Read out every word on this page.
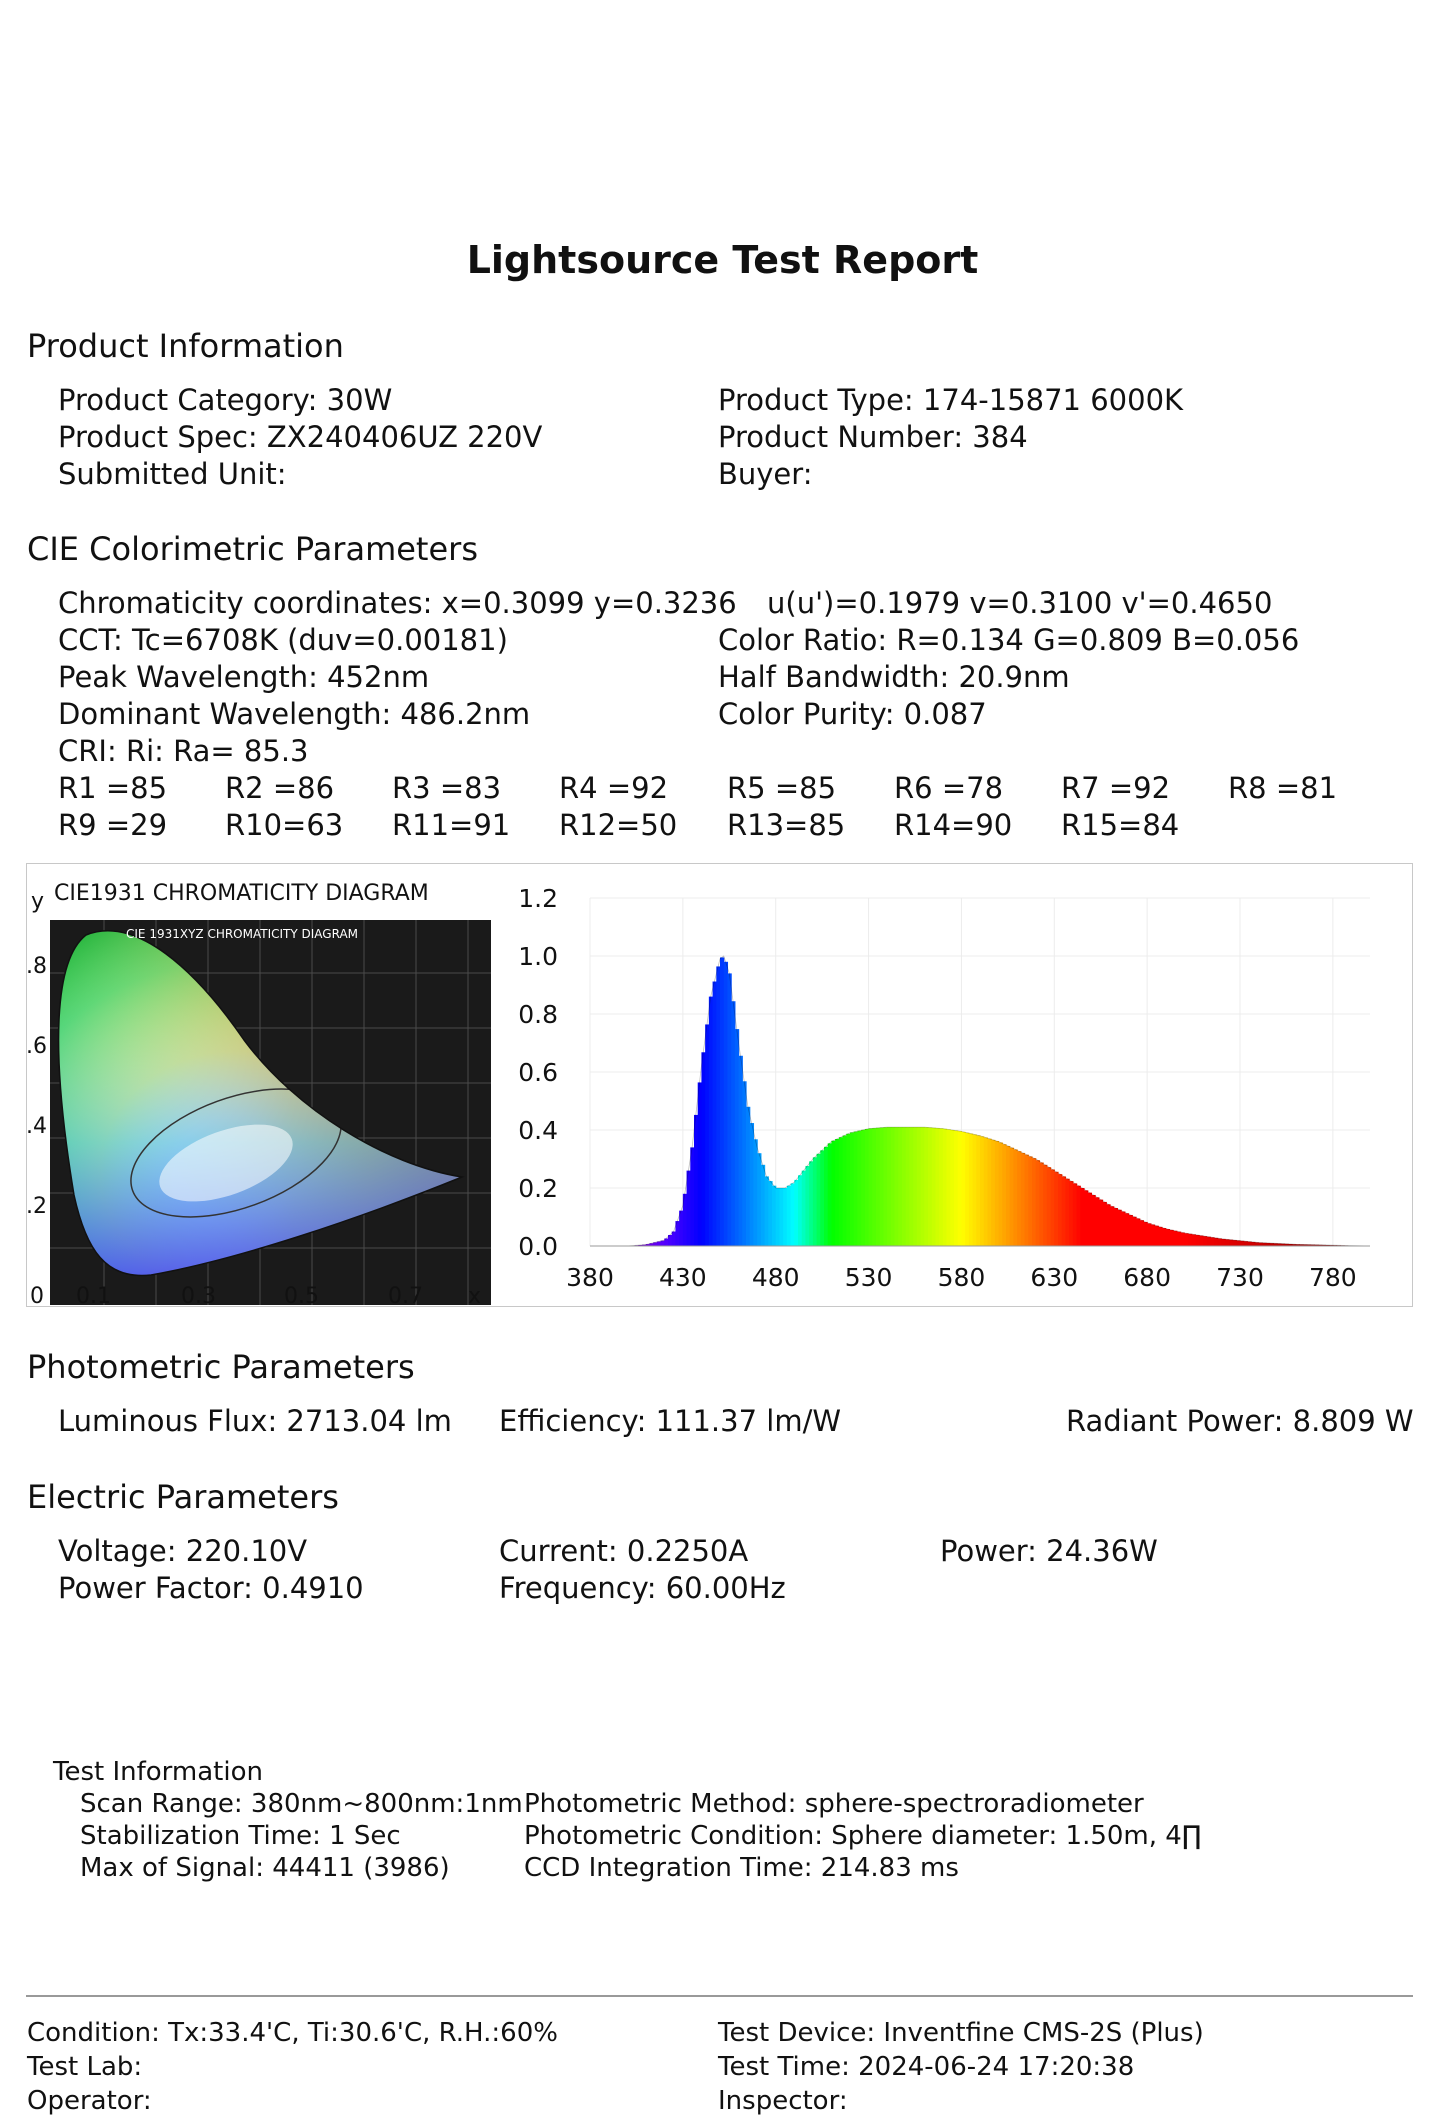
Lightsource Test Report
Product Information
Product Category: 30W	Product Type: 174-15871 6000K
Product Spec: ZX240406UZ 220V	Product Number: 384
Submitted Unit:	Buyer:
CIE Colorimetric Parameters
Chromaticity coordinates: x=0.3099 y=0.3236 u(u')=0.1979 v=0.3100 v'=0.4650
CCT: Tc=6708K (duv=0.00181)	Color Ratio: R=0.134 G=0.809 B=0.056
Peak Wavelength: 452nm	Half Bandwidth: 20.9nm
Dominant Wavelength: 486.2nm	Color Purity: 0.087
CRI: Ri: Ra= 85.3
R1 =85 R2 =86 R3 =83 R4 =92 R5 =85 R6 =78 R7 =92 R8 =81
R9 =29 R10=63 R11=91 R12=50 R13=85 R14=90 R15=84
CIE1931 CHROMATICITY DIAGRAM
CIE 1931XYZ CHROMATICITY DIAGRAM
y
.8
.6
.4
.2
0 0.1	0.3	0.5	0.7 x
1.2
1.0
0.8
0.6
0.4
0.2
0.0
380 430 480 530 580 630 680 730 780
Photometric Parameters
Luminous Flux: 2713.04 lm Efficiency: 111.37 lm/W	Radiant Power: 8.809 W
Electric Parameters
Voltage: 220.10V	Current: 0.2250A	Power: 24.36W
Power Factor: 0.4910	Frequency: 60.00Hz
Test Information
Scan Range: 380nm~800nm:1nm Photometric Method: sphere-spectroradiometer
Stabilization Time: 1 Sec	Photometric Condition: Sphere diameter: 1.50m, 4∏
Max of Signal: 44411 (3986)	CCD Integration Time: 214.83 ms
Condition: Tx:33.4'C, Ti:30.6'C, R.H.:60%	Test Device: Inventfine CMS-2S (Plus)
Test Lab:	Test Time: 2024-06-24 17:20:38
Operator:	Inspector:
